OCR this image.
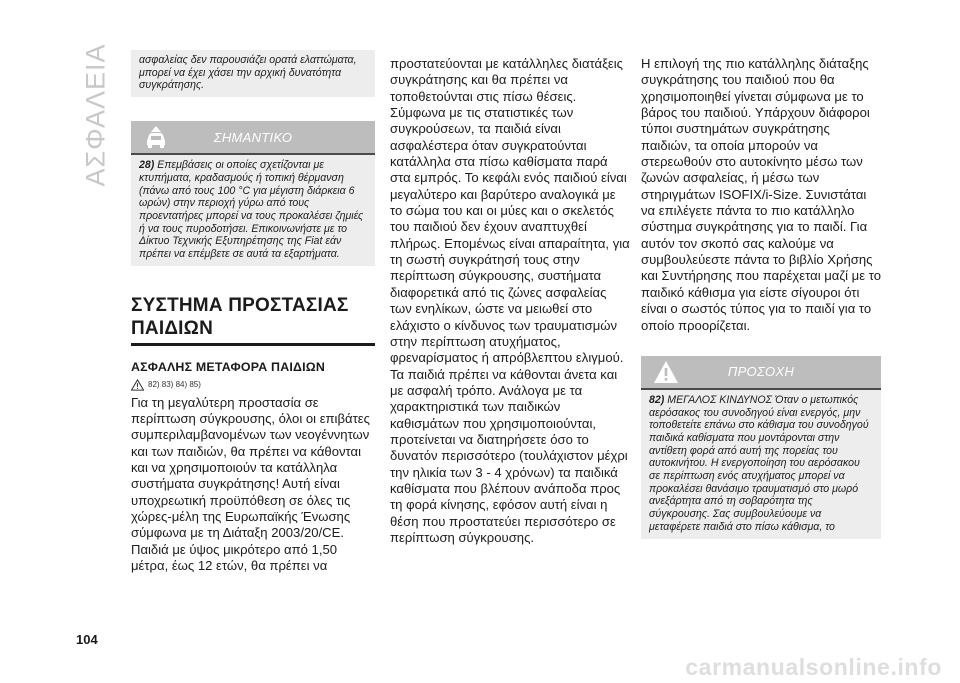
ΑΣΦΑΛΕΙΑ	ασφαλείας δεν παρουσιάζει ορατά ελαττώματα, μπορεί να έχει χάσει την αρχική δυνατότητα συγκράτησης.
ΣΗΜΑΝΤΙΚΟ
28) Επεμβάσεις οι οποίες σχετίζονται με κτυπήματα, κραδασμούς ή τοπική θέρμανση (πάνω από τους 100 °C για μέγιστη διάρκεια 6 ωρών) στην περιοχή γύρω από τους προεντατήρες μπορεί να τους προκαλέσει ζημιές ή να τους πυροδοτήσει. Επικοινωνήστε με το Δίκτυο Τεχνικής Εξυπηρέτησης της Fiat εάν πρέπει να επέμβετε σε αυτά τα εξαρτήματα.
ΣΥΣΤΗΜΑ ΠΡΟΣΤΑΣΙΑΣ ΠΑΙΔΙΩΝ
ΑΣΦΑΛΗΣ ΜΕΤΑΦΟΡΑ ΠΑΙΔΙΩΝ
82) 83) 84) 85)
Για τη μεγαλύτερη προστασία σε περίπτωση σύγκρουσης, όλοι οι επιβάτες συμπεριλαμβανομένων των νεογέννητων και των παιδιών, θα πρέπει να κάθονται και να χρησιμοποιούν τα κατάλληλα συστήματα συγκράτησης! Αυτή είναι υποχρεωτική προϋπόθεση σε όλες τις χώρες-μέλη της Ευρωπαϊκής Ένωσης σύμφωνα με τη Διάταξη 2003/20/CE. Παιδιά με ύψος μικρότερο από 1,50 μέτρα, έως 12 ετών, θα πρέπει να
προστατεύονται με κατάλληλες διατάξεις συγκράτησης και θα πρέπει να τοποθετούνται στις πίσω θέσεις. Σύμφωνα με τις στατιστικές των συγκρούσεων, τα παιδιά είναι ασφαλέστερα όταν συγκρατούνται κατάλληλα στα πίσω καθίσματα παρά στα εμπρός. Το κεφάλι ενός παιδιού είναι μεγαλύτερο και βαρύτερο αναλογικά με το σώμα του και οι μύες και ο σκελετός του παιδιού δεν έχουν αναπτυχθεί πλήρως. Επομένως είναι απαραίτητα, για τη σωστή συγκράτησή τους στην περίπτωση σύγκρουσης, συστήματα διαφορετικά από τις ζώνες ασφαλείας των ενηλίκων, ώστε να μειωθεί στο ελάχιστο ο κίνδυνος των τραυματισμών στην περίπτωση ατυχήματος, φρεναρίσματος ή απρόβλεπτου ελιγμού. Τα παιδιά πρέπει να κάθονται άνετα και με ασφαλή τρόπο. Ανάλογα με τα χαρακτηριστικά των παιδικών καθισμάτων που χρησιμοποιούνται, προτείνεται να διατηρήσετε όσο το δυνατόν περισσότερο (τουλάχιστον μέχρι την ηλικία των 3 - 4 χρόνων) τα παιδικά καθίσματα που βλέπουν ανάποδα προς τη φορά κίνησης, εφόσον αυτή είναι η θέση που προστατεύει περισσότερο σε περίπτωση σύγκρουσης.
Η επιλογή της πιο κατάλληλης διάταξης συγκράτησης του παιδιού που θα χρησιμοποιηθεί γίνεται σύμφωνα με το βάρος του παιδιού. Υπάρχουν διάφοροι τύποι συστημάτων συγκράτησης παιδιών, τα οποία μπορούν να στερεωθούν στο αυτοκίνητο μέσω των ζωνών ασφαλείας, ή μέσω των στηριγμάτων ISOFIX/i-Size. Συνιστάται να επιλέγετε πάντα το πιο κατάλληλο σύστημα συγκράτησης για το παιδί. Για αυτόν τον σκοπό σας καλούμε να συμβουλεύεστε πάντα το βιβλίο Χρήσης και Συντήρησης που παρέχεται μαζί με το παιδικό κάθισμα για είστε σίγουροι ότι είναι ο σωστός τύπος για το παιδί για το οποίο προορίζεται.
ΠΡΟΣΟΧΗ
82) ΜΕΓΑΛΟΣ ΚΙΝΔΥΝΟΣ Όταν ο μετωπικός αερόσακος του συνοδηγού είναι ενεργός, μην τοποθετείτε επάνω στο κάθισμα του συνοδηγού παιδικά καθίσματα που μοντάρονται στην αντίθετη φορά από αυτή της πορείας του αυτοκινήτου. Η ενεργοποίηση του αερόσακου σε περίπτωση ενός ατυχήματος μπορεί να προκαλέσει θανάσιμο τραυματισμό στο μωρό ανεξάρτητα από τη σοβαρότητα της σύγκρουσης. Σας συμβουλεύουμε να μεταφέρετε παιδιά στο πίσω κάθισμα, το
104
carmanualsonline.info
